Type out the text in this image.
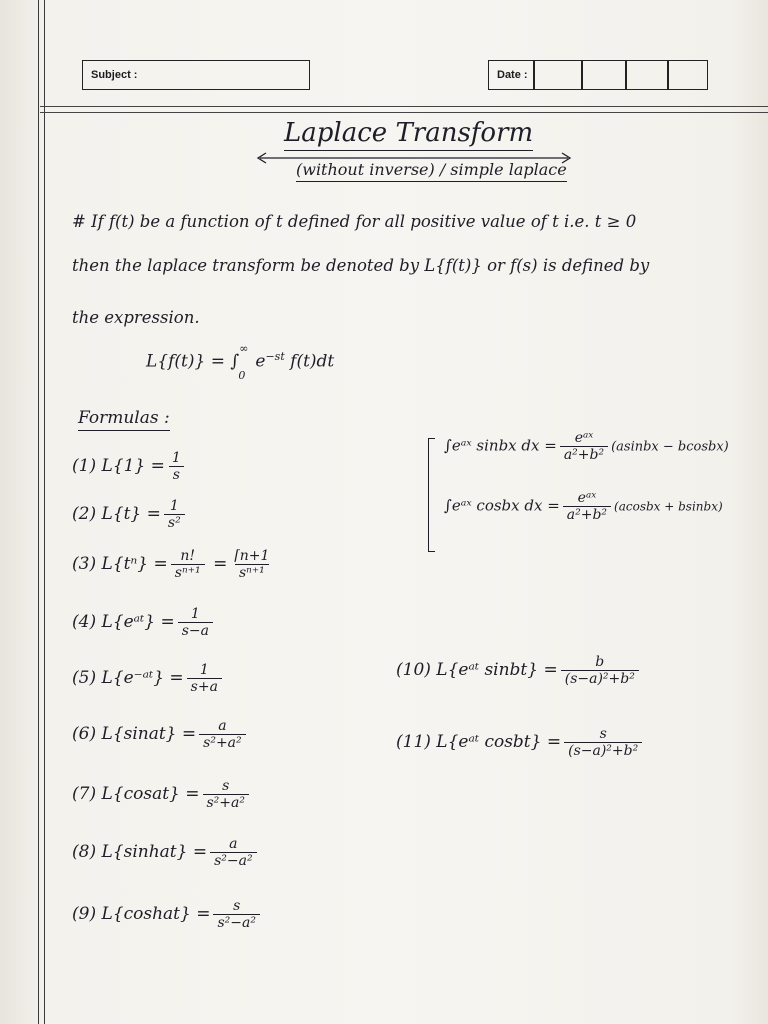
Subject :	Date :
Laplace Transform
(without inverse) / simple laplace
# If f(t) be a function of t defined for all positive value of t i.e. t ≥ 0
then the laplace transform be denoted by L{f(t)} or f(s) is defined by
the expression.
$L\{f(t)\} = \int^\infty_0e^{-st}$ f(t)dt
Formulas :
(1) $L\{1\} = \frac{1}{s}$
(2) $L\{t\} = \frac{1}{\text{s²}}$
(3) $L\{t^n\} = \frac{n!}{\text{sⁿ⁺¹}} = \frac{⌈n+1}{\text{sⁿ⁺¹}}$
(4) L{eᵃᵗ} = $\frac{1}{s-a}$
(5) L{e⁻ᵃᵗ} = $\frac{1}{s+a}$
(6) L{sinat} = $\frac{a}{\text{s²+a²}}$
(7) L{cosat} = $\frac{s}{\text{s²+a²}}$
(8) L{sinhat} = $\frac{a}{\text{s²−a²}}$
(9) L{coshat} = $\frac{s}{\text{s²−a²}}$
(10) L{eᵃᵗ sinbt} = $\frac{b}{\text{(s−a)²+b²}}$
(11) L{eᵃᵗ cosbt} = $\frac{s}{\text{(s−a)²+b²}}$
∫eᵃˣ sinbx dx = $\frac{\text{eᵃˣ}}{\text{a²+b²}}$ (asinbx − bcosbx)
∫eᵃˣ cosbx dx = $\frac{\text{eᵃˣ}}{\text{a²+b²}}$ (acosbx + bsinbx)
